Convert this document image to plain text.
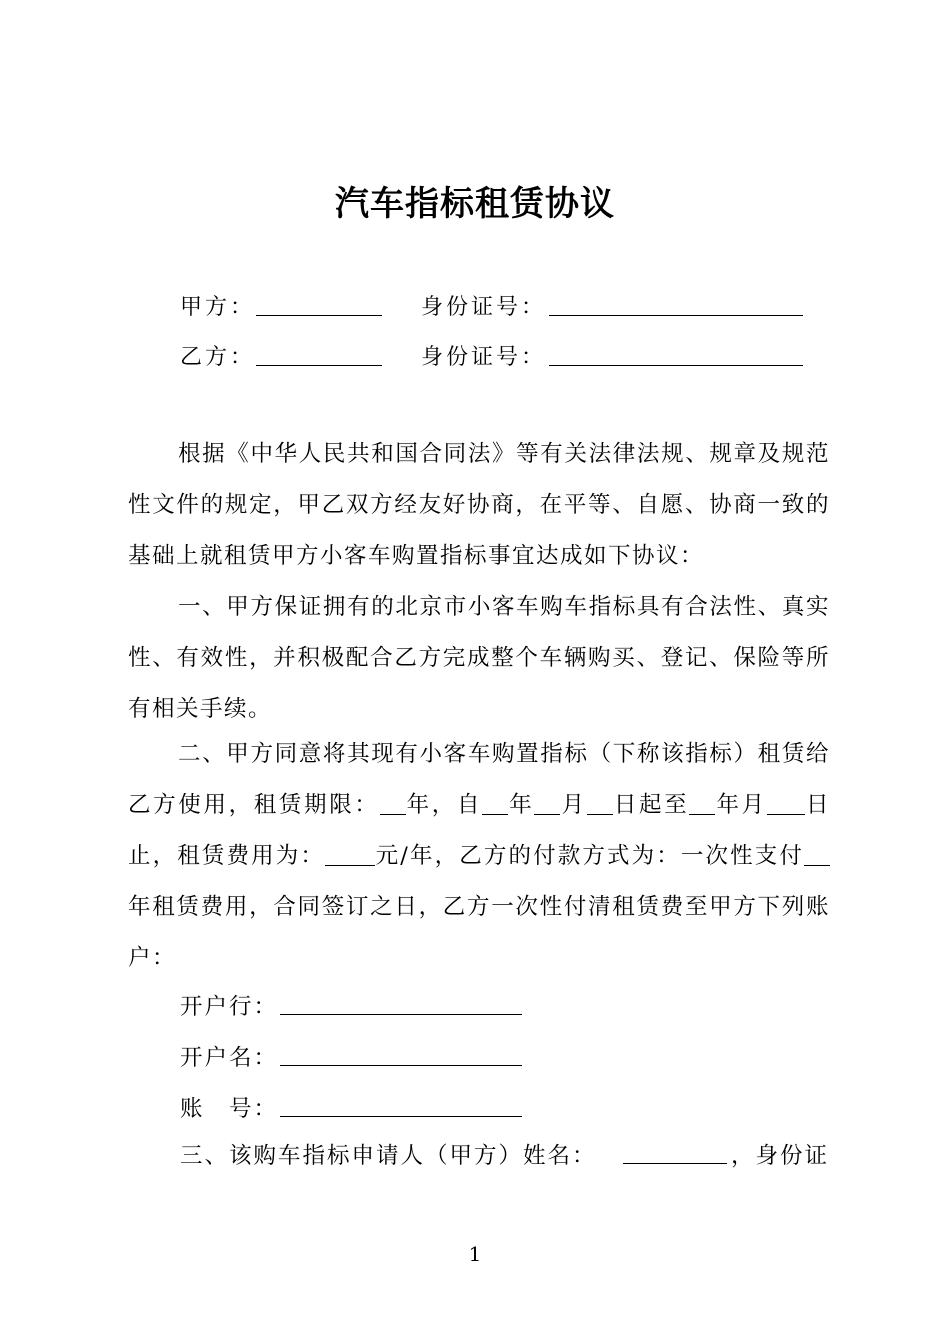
汽车指标租赁协议
甲方：	身份证号：
乙方：	身份证号：

根据《中华人民共和国合同法》等有关法律法规、规章及规范性文件的规定，甲乙双方经友好协商，在平等、自愿、协商一致的基础上就租赁甲方小客车购置指标事宜达成如下协议：

一、甲方保证拥有的北京市小客车购车指标具有合法性、真实性、有效性，并积极配合乙方完成整个车辆购买、登记、保险等所有相关手续。

二、甲方同意将其现有小客车购置指标（下称该指标）租赁给乙方使用，租赁期限： 年，自 年 月 日起至 年月 日止，租赁费用为： 元/年，乙方的付款方式为：一次性支付年租赁费用，合同签订之日，乙方一次性付清租赁费至甲方下列账户：

开户行：
开户名：
账　号：
三、该购车指标申请人（甲方）姓名：	，身份证
1
